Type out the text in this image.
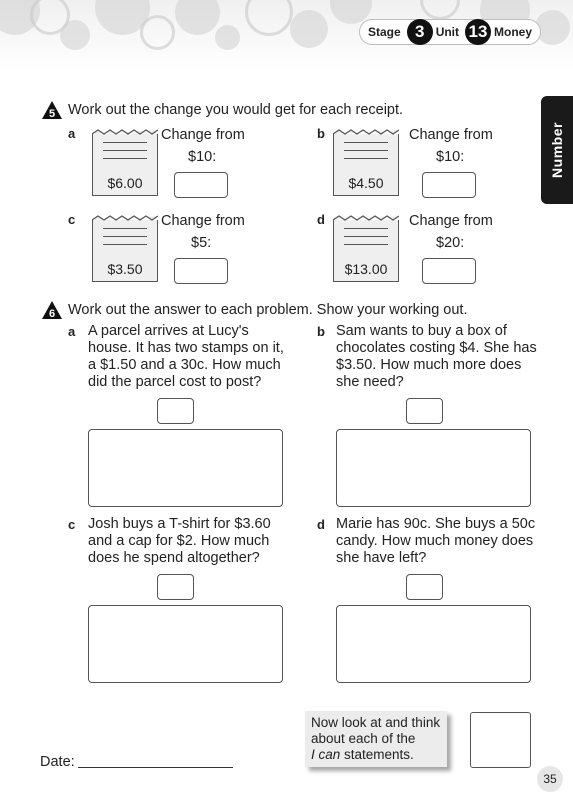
Stage 3 Unit 13 Money
Number
5 Work out the change you would get for each receipt.
a
$6.00
Change from
$10:
b
$4.50
Change from
$10:
c
$3.50
Change from
$5:
d
$13.00
Change from
$20:
6 Work out the answer to each problem. Show your working out.
a A parcel arrives at Lucy's
house. It has two stamps on it,
a $1.50 and a 30c. How much
did the parcel cost to post?
b Sam wants to buy a box of
chocolates costing $4. She has
$3.50. How much more does
she need?
c Josh buys a T-shirt for $3.60
and a cap for $2. How much
does he spend altogether?
d Marie has 90c. She buys a 50c
candy. How much money does
she have left?
Date:
Now look at and think
about each of the
I can statements.
35
